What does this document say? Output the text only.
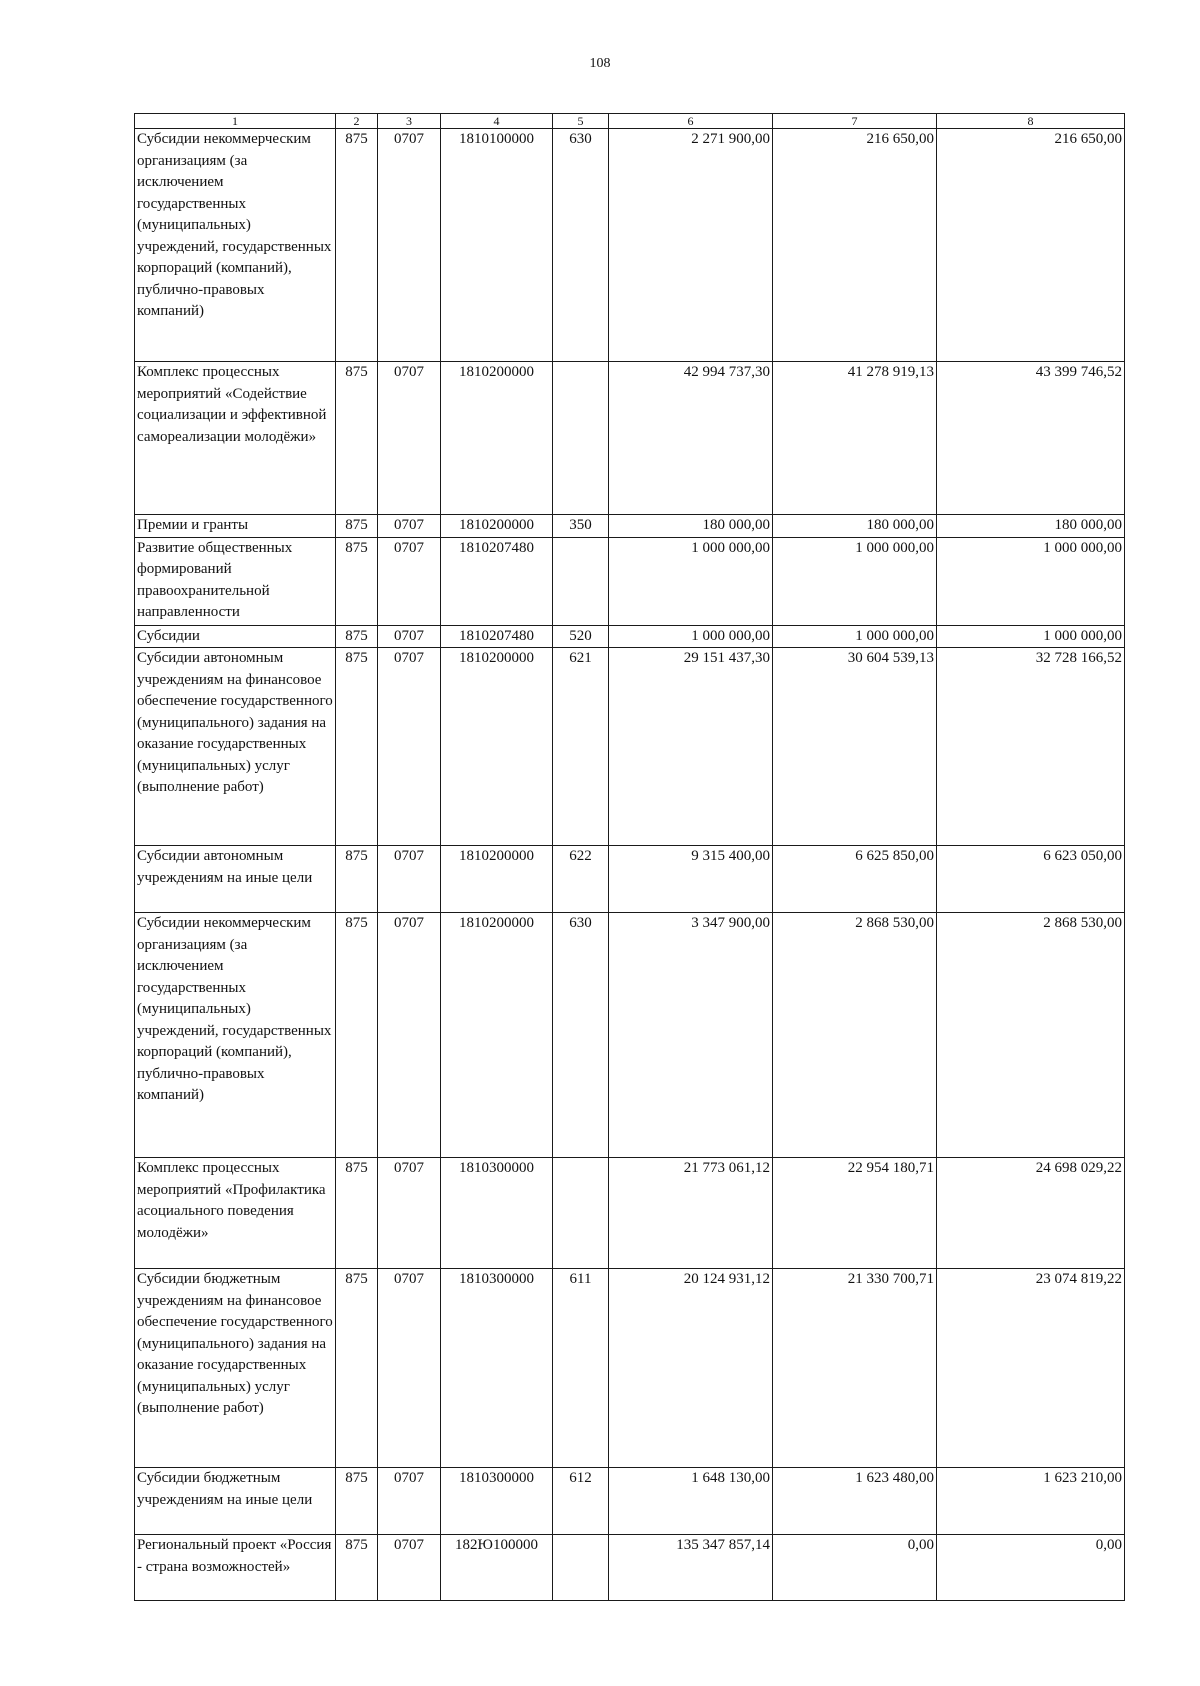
108
1	2	3	4	5	6	7	8
Субсидии некоммерческим организациям (за исключением государственных (муниципальных) учреждений, государственных корпораций (компаний), публично-правовых компаний)	875	0707	1810100000	630	2 271 900,00	216 650,00	216 650,00
Комплекс процессных мероприятий «Содействие социализации и эффективной самореализации молодёжи»	875	0707	1810200000		42 994 737,30	41 278 919,13	43 399 746,52
Премии и гранты	875	0707	1810200000	350	180 000,00	180 000,00	180 000,00
Развитие общественных формирований правоохранительной направленности	875	0707	1810207480		1 000 000,00	1 000 000,00	1 000 000,00
Субсидии	875	0707	1810207480	520	1 000 000,00	1 000 000,00	1 000 000,00
Субсидии автономным учреждениям на финансовое обеспечение государственного (муниципального) задания на оказание государственных (муниципальных) услуг (выполнение работ)	875	0707	1810200000	621	29 151 437,30	30 604 539,13	32 728 166,52
Субсидии автономным учреждениям на иные цели	875	0707	1810200000	622	9 315 400,00	6 625 850,00	6 623 050,00
Субсидии некоммерческим организациям (за исключением государственных (муниципальных) учреждений, государственных корпораций (компаний), публично-правовых компаний)	875	0707	1810200000	630	3 347 900,00	2 868 530,00	2 868 530,00
Комплекс процессных мероприятий «Профилактика асоциального поведения молодёжи»	875	0707	1810300000		21 773 061,12	22 954 180,71	24 698 029,22
Субсидии бюджетным учреждениям на финансовое обеспечение государственного (муниципального) задания на оказание государственных (муниципальных) услуг (выполнение работ)	875	0707	1810300000	611	20 124 931,12	21 330 700,71	23 074 819,22
Субсидии бюджетным учреждениям на иные цели	875	0707	1810300000	612	1 648 130,00	1 623 480,00	1 623 210,00
Региональный проект «Россия - страна возможностей»	875	0707	182Ю100000		135 347 857,14	0,00	0,00
